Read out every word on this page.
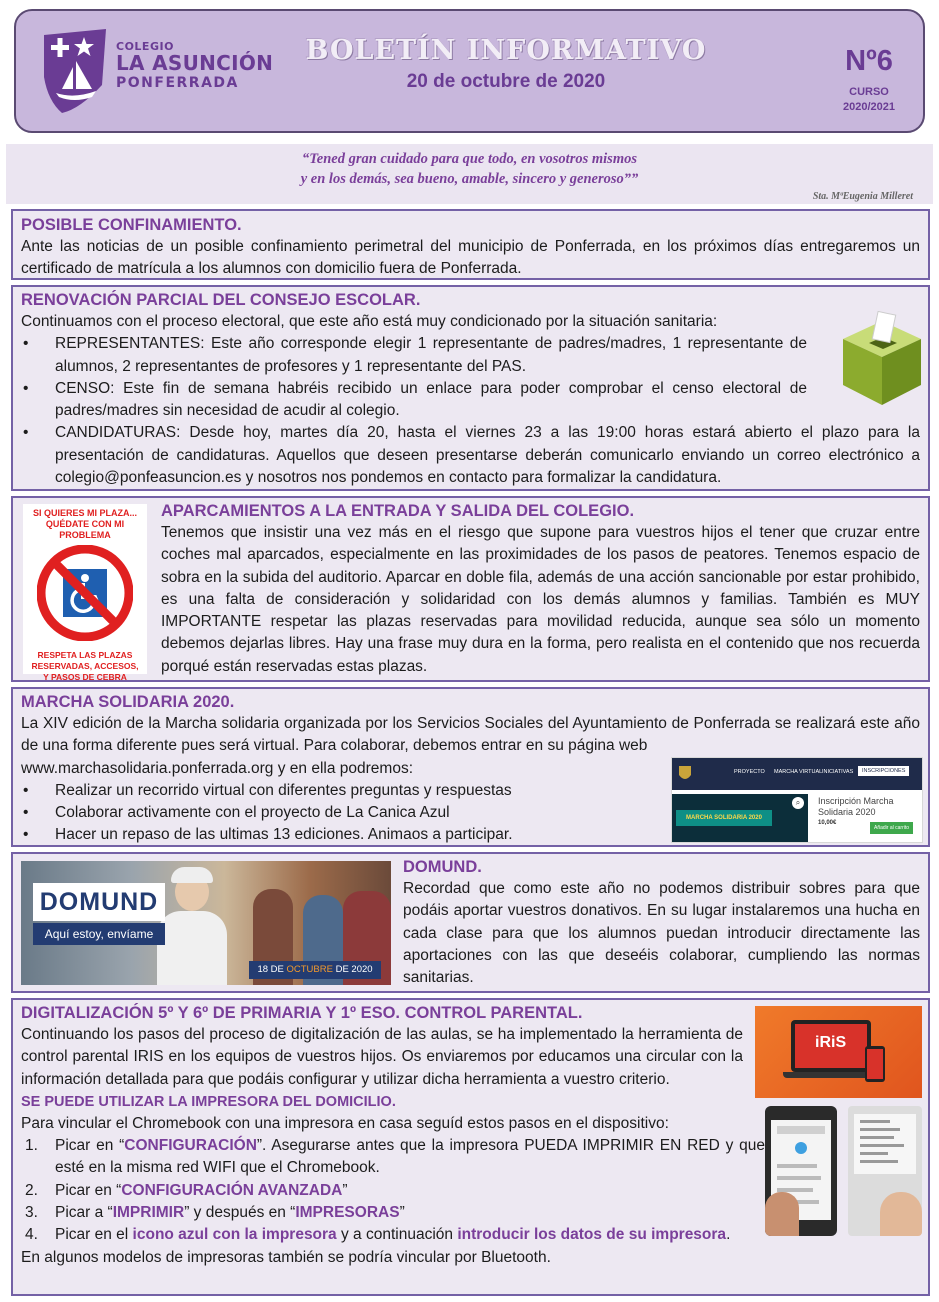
COLEGIO
LA ASUNCIÓN
PONFERRADA
BOLETÍN INFORMATIVO
20 de octubre de 2020
Nº6
CURSO
2020/2021
“Tened gran cuidado para que todo, en vosotros mismos
y en los demás, sea bueno, amable, sincero y generoso””
Sta. MªEugenia Milleret
POSIBLE CONFINAMIENTO.
Ante las noticias de un posible confinamiento perimetral del municipio de Ponferrada, en los próximos días entregaremos un certificado de matrícula a los alumnos con domicilio fuera de Ponferrada.
RENOVACIÓN PARCIAL DEL CONSEJO ESCOLAR.
Continuamos con el proceso electoral, que este año está muy condicionado por la situación sanitaria:
• REPRESENTANTES: Este año corresponde elegir 1 representante de padres/madres, 1 representante de alumnos, 2 representantes de profesores y 1 representante del PAS.
• CENSO: Este fin de semana habréis recibido un enlace para poder comprobar el censo electoral de padres/madres sin necesidad de acudir al colegio.
• CANDIDATURAS: Desde hoy, martes día 20, hasta el viernes 23 a las 19:00 horas estará abierto el plazo para la presentación de candidaturas. Aquellos que deseen presentarse deberán comunicarlo enviando un correo electrónico a colegio@ponfeasuncion.es y nosotros nos pondemos en contacto para formalizar la candidatura.
SI QUIERES MI PLAZA...
QUÉDATE CON MI PROBLEMA
RESPETA LAS PLAZAS
RESERVADAS, ACCESOS,
Y PASOS DE CEBRA
APARCAMIENTOS A LA ENTRADA Y SALIDA DEL COLEGIO.
Tenemos que insistir una vez más en el riesgo que supone para vuestros hijos el tener que cruzar entre coches mal aparcados, especialmente en las proximidades de los pasos de peatores. Tenemos espacio de sobra en la subida del auditorio. Aparcar en doble fila, además de una acción sancionable por estar prohibido, es una falta de consideración y solidaridad con los demás alumnos y familias. También es MUY IMPORTANTE respetar las plazas reservadas para movilidad reducida, aunque sea sólo un momento debemos dejarlas libres. Hay una frase muy dura en la forma, pero realista en el contenido que nos recuerda porqué están reservadas estas plazas.
MARCHA SOLIDARIA 2020.
La XIV edición de la Marcha solidaria organizada por los Servicios Sociales del Ayuntamiento de Ponferrada se realizará este año de una forma diferente pues será virtual. Para colaborar, debemos entrar en su página web
www.marchasolidaria.ponferrada.org y en ella podremos:
• Realizar un recorrido virtual con diferentes preguntas y respuestas
• Colaborar activamente con el proyecto de La Canica Azul
• Hacer un repaso de las ultimas 13 ediciones. Animaos a participar.
PROYECTO MARCHA VIRTUAL INICIATIVAS	INSCRIPCIONES
MARCHA SOLIDARIA 2020
⌕	Inscripción Marcha Solidaria 2020
10,00€
Añadir al carrito
DOMUND
Aquí estoy, envíame
18 DE OCTUBRE DE 2020
DOMUND.
Recordad que como este año no podemos distribuir sobres para que podáis aportar vuestros donativos. En su lugar instalaremos una hucha en cada clase para que los alumnos puedan introducir directamente las aportaciones con las que deseéis colaborar, cumpliendo las normas sanitarias.
DIGITALIZACIÓN 5º Y 6º DE PRIMARIA Y 1º ESO. CONTROL PARENTAL.
Continuando los pasos del proceso de digitalización de las aulas, se ha implementado la herramienta de control parental IRIS en los equipos de vuestros hijos. Os enviaremos por educamos una circular con la información detallada para que podáis configurar y utilizar dicha herramienta a vuestro criterio.
SE PUEDE UTILIZAR LA IMPRESORA DEL DOMICILIO.
Para vincular el Chromebook con una impresora en casa seguíd estos pasos en el dispositivo:
1. Picar en “CONFIGURACIÓN”. Asegurarse antes que la impresora PUEDA IMPRIMIR EN RED y que esté en la misma red WIFI que el Chromebook.
2. Picar en “CONFIGURACIÓN AVANZADA”
3. Picar a “IMPRIMIR” y después en “IMPRESORAS”
4. Picar en el icono azul con la impresora y a continuación introducir los datos de su impresora.
En algunos modelos de impresoras también se podría vincular por Bluetooth.
iRiS
